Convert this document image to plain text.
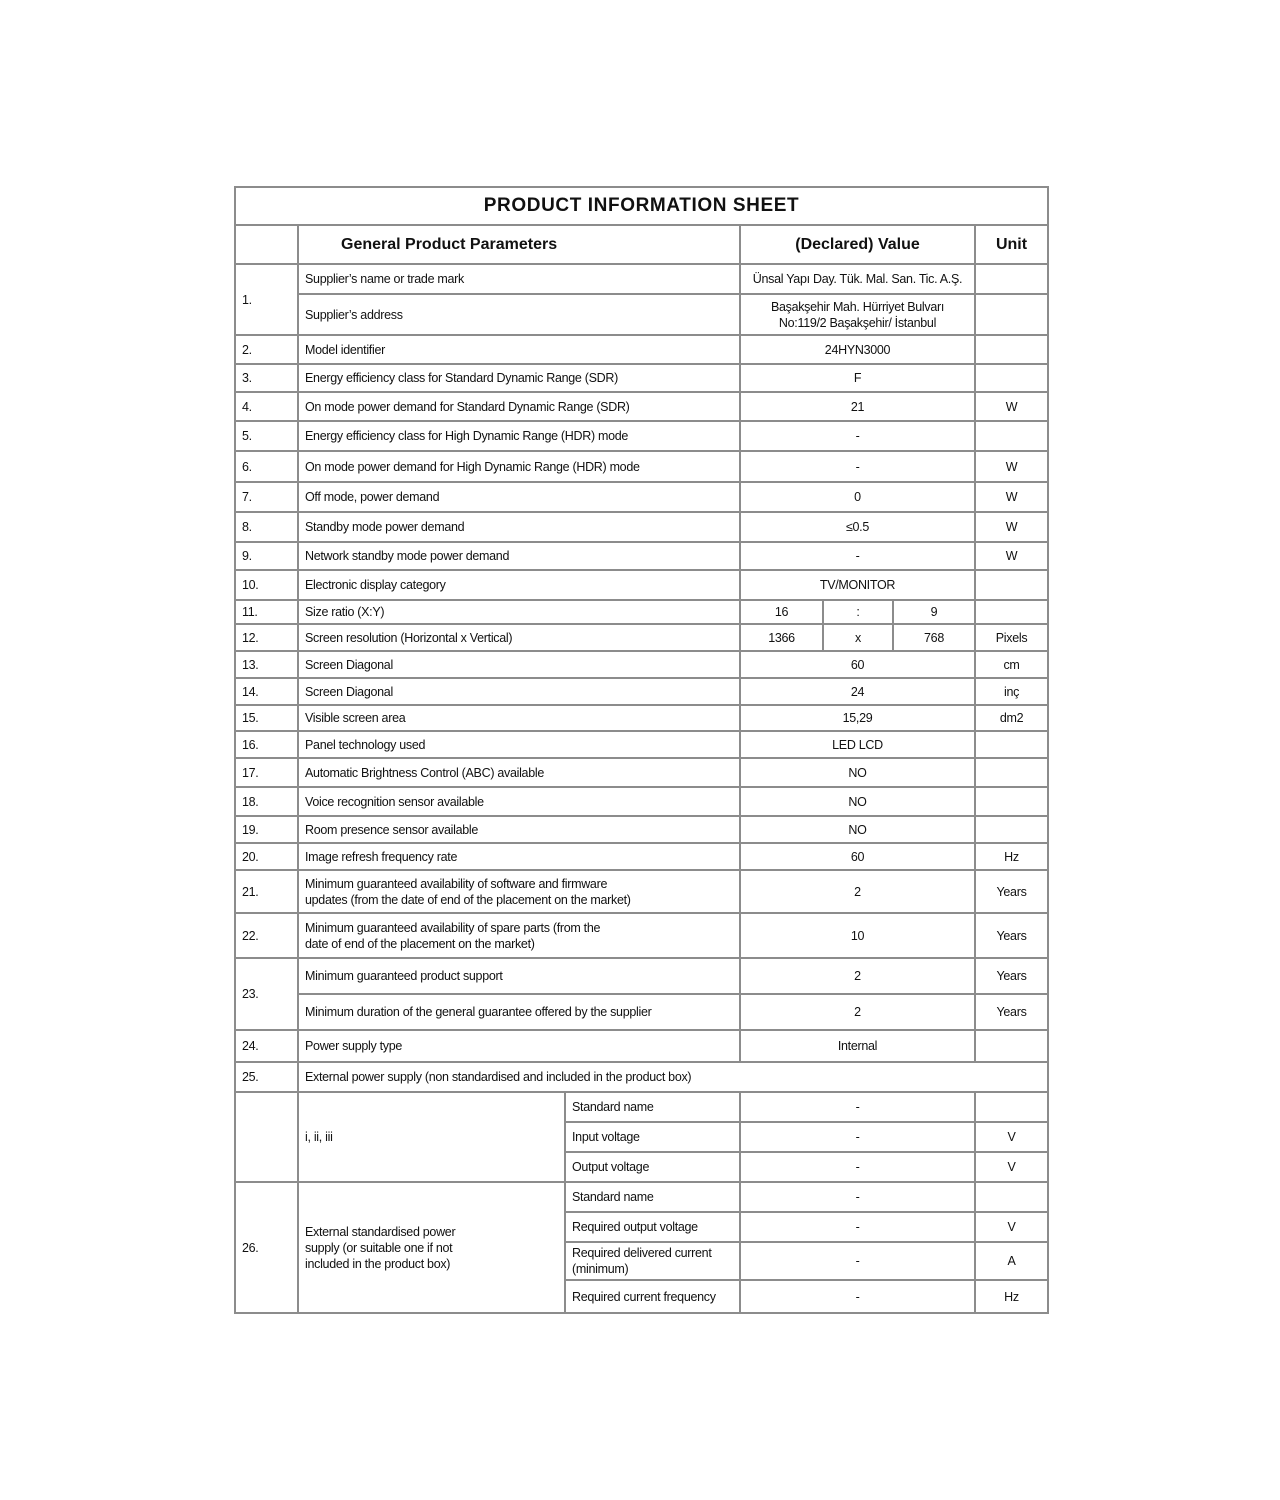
PRODUCT INFORMATION SHEET						
	General Product Parameters		(Declared) Value			Unit
1.	Supplier’s name or trade mark		Ünsal Yapı Day. Tük. Mal. San. Tic. A.Ş.			
	Supplier’s address		Başakşehir Mah. Hürriyet Bulvarı
No:119/2 Başakşehir/ İstanbul			

2.	Model identifier		24HYN3000			
3.	Energy efficiency class for Standard Dynamic Range (SDR)		F			
4.	On mode power demand for Standard Dynamic Range (SDR)		21			W
5.	Energy efficiency class for High Dynamic Range (HDR) mode		-			
6.	On mode power demand for High Dynamic Range (HDR) mode		-			W
7.	Off mode, power demand		0			W
8.	Standby mode power demand		≤0.5			W
9.	Network standby mode power demand		-			W
10.	Electronic display category		TV/MONITOR			
11.	Size ratio (X:Y)		16	:	9	
12.	Screen resolution (Horizontal x Vertical)		1366	x	768	Pixels
13.	Screen Diagonal		60			cm
14.	Screen Diagonal		24			inç
15.	Visible screen area		15,29			dm2
16.	Panel technology used		LED LCD			
17.	Automatic Brightness Control (ABC) available		NO			
18.	Voice recognition sensor available		NO			
19.	Room presence sensor available		NO			
20.	Image refresh frequency rate		60			Hz
21.	Minimum guaranteed availability of software and firmware
updates (from the date of end of the placement on the market)		2			Years
22.	Minimum guaranteed availability of spare parts (from the
date of end of the placement on the market)		10			Years
23.	Minimum guaranteed product support		2			Years
	Minimum duration of the general guarantee offered by the supplier		2			Years
24.	Power supply type		Internal			
25.	External power supply (non standardised and included in the product box)					
	i, ii, iii	Standard name	-			
		Input voltage	-			V
		Output voltage	-			V
26.	External standardised power
supply (or suitable one if not
included in the product box)	Standard name	-			
		Required output voltage	-			V

		Required delivered current
(minimum)	-			A
		Required current frequency	-			Hz
